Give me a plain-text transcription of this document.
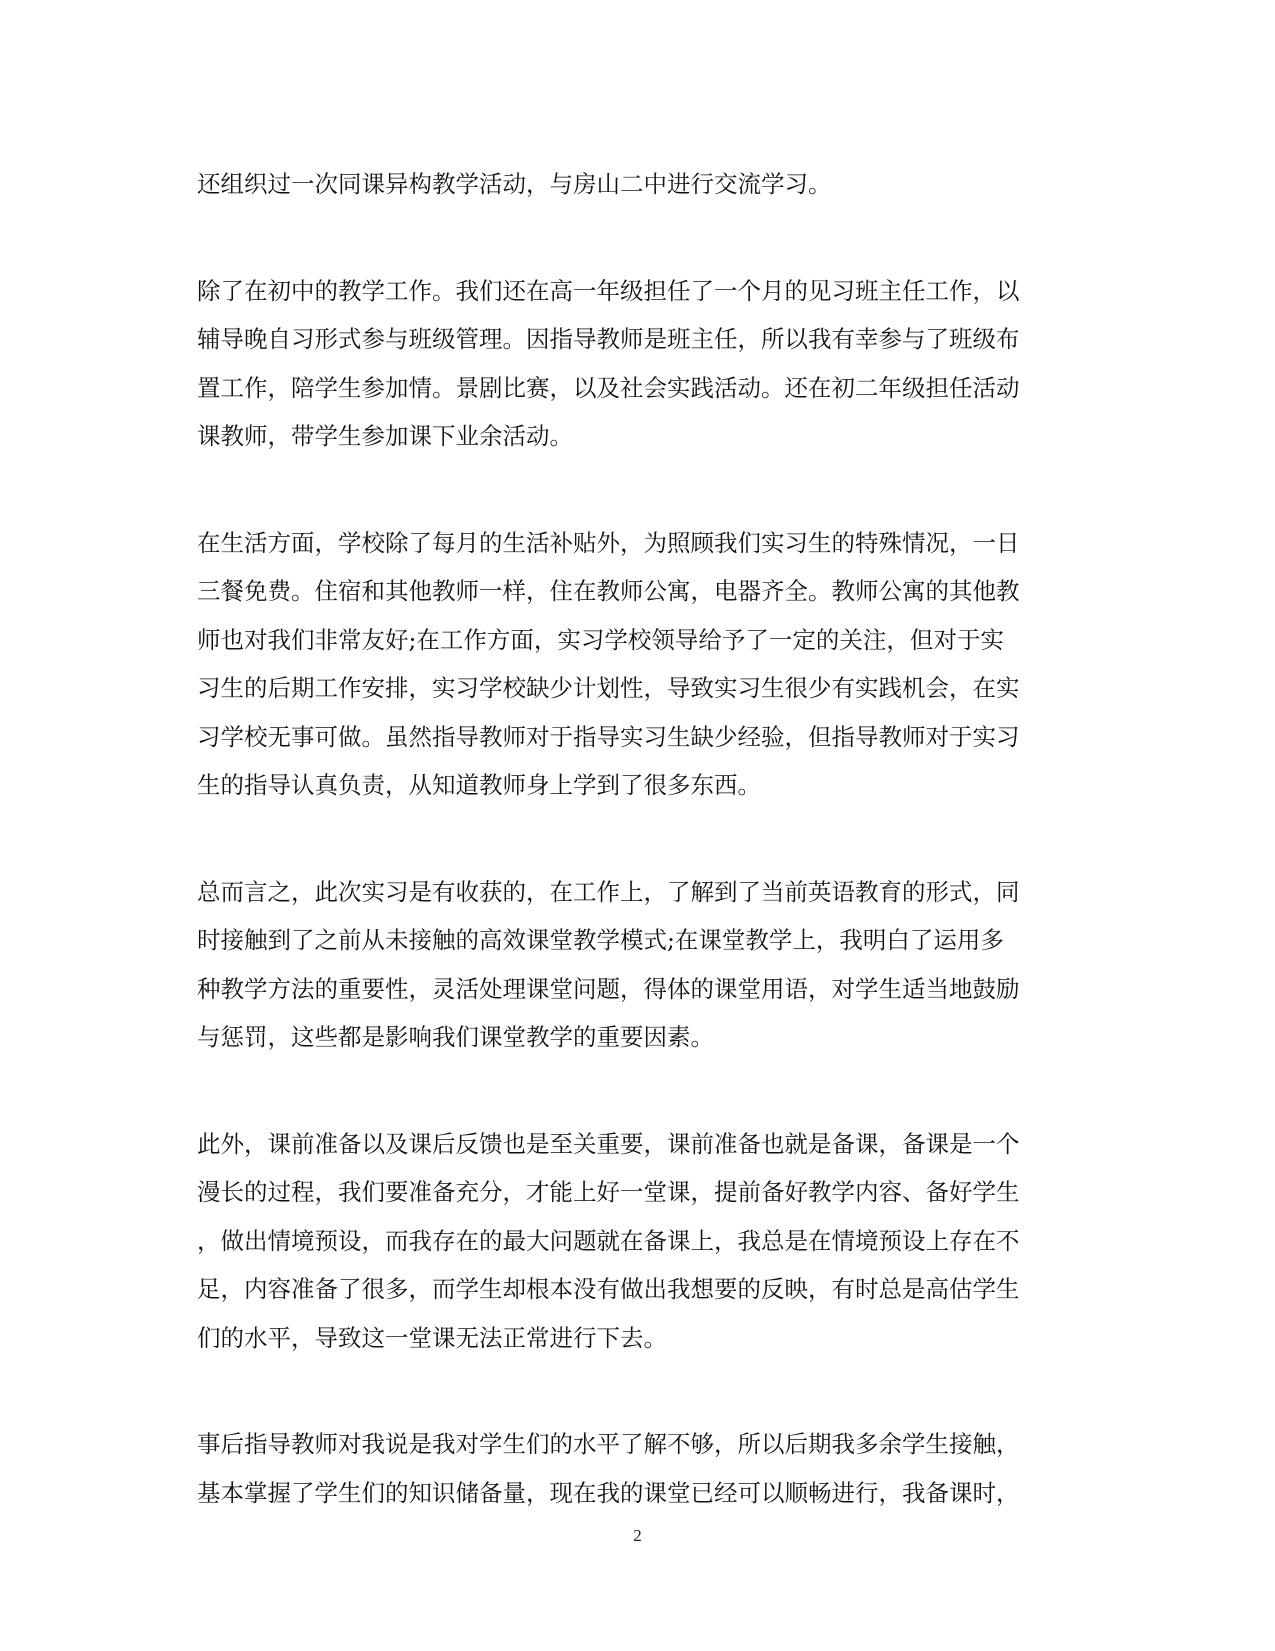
还组织过一次同课异构教学活动，与房山二中进行交流学习。

除了在初中的教学工作。我们还在高一年级担任了一个月的见习班主任工作，以
辅导晚自习形式参与班级管理。因指导教师是班主任，所以我有幸参与了班级布
置工作，陪学生参加情。景剧比赛，以及社会实践活动。还在初二年级担任活动
课教师，带学生参加课下业余活动。

在生活方面，学校除了每月的生活补贴外，为照顾我们实习生的特殊情况，一日
三餐免费。住宿和其他教师一样，住在教师公寓，电器齐全。教师公寓的其他教
师也对我们非常友好;在工作方面，实习学校领导给予了一定的关注，但对于实
习生的后期工作安排，实习学校缺少计划性，导致实习生很少有实践机会，在实
习学校无事可做。虽然指导教师对于指导实习生缺少经验，但指导教师对于实习
生的指导认真负责，从知道教师身上学到了很多东西。

总而言之，此次实习是有收获的，在工作上，了解到了当前英语教育的形式，同
时接触到了之前从未接触的高效课堂教学模式;在课堂教学上，我明白了运用多
种教学方法的重要性，灵活处理课堂问题，得体的课堂用语，对学生适当地鼓励
与惩罚，这些都是影响我们课堂教学的重要因素。

此外，课前准备以及课后反馈也是至关重要，课前准备也就是备课，备课是一个
漫长的过程，我们要准备充分，才能上好一堂课，提前备好教学内容、备好学生
，做出情境预设，而我存在的最大问题就在备课上，我总是在情境预设上存在不
足，内容准备了很多，而学生却根本没有做出我想要的反映，有时总是高估学生
们的水平，导致这一堂课无法正常进行下去。

事后指导教师对我说是我对学生们的水平了解不够，所以后期我多余学生接触，
基本掌握了学生们的知识储备量，现在我的课堂已经可以顺畅进行，我备课时，

2
